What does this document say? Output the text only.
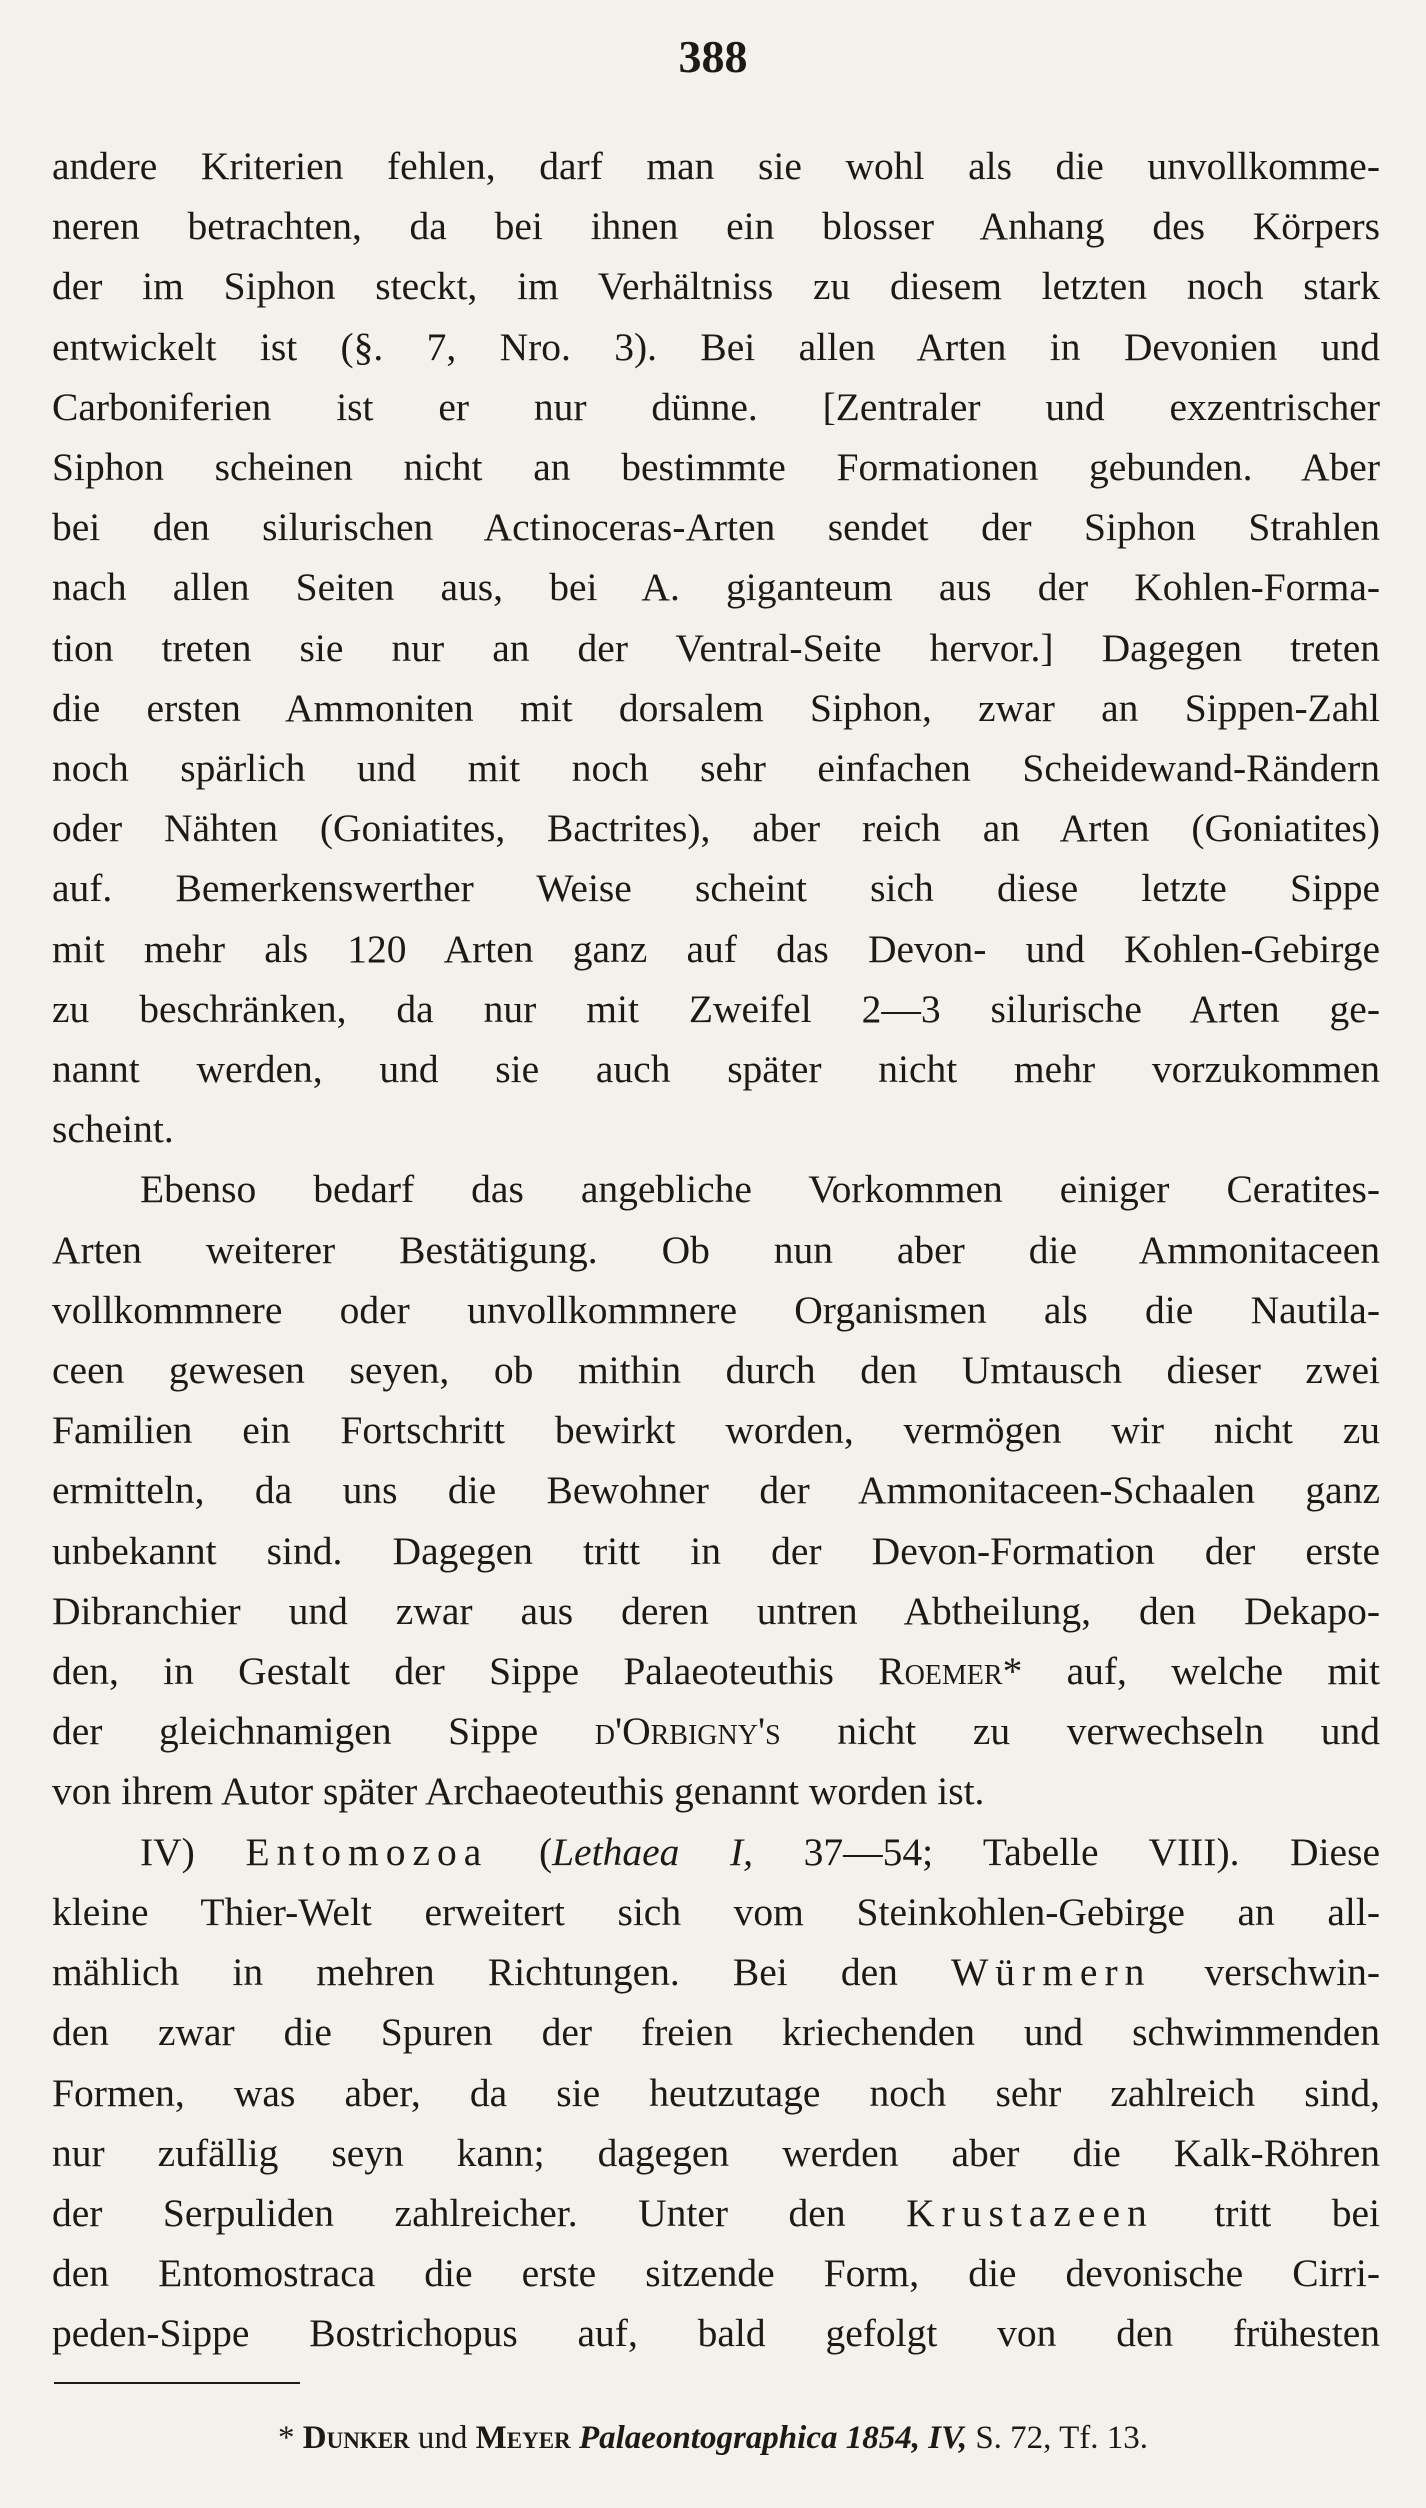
388
andere Kriterien fehlen, darf man sie wohl als die unvollkomme-
neren betrachten, da bei ihnen ein blosser Anhang des Körpers
der im Siphon steckt, im Verhältniss zu diesem letzten noch stark
entwickelt ist (§. 7, Nro. 3). Bei allen Arten in Devonien und
Carboniferien ist er nur dünne. [Zentraler und exzentrischer
Siphon scheinen nicht an bestimmte Formationen gebunden. Aber
bei den silurischen Actinoceras-Arten sendet der Siphon Strahlen
nach allen Seiten aus, bei A. giganteum aus der Kohlen-Forma-
tion treten sie nur an der Ventral-Seite hervor.] Dagegen treten
die ersten Ammoniten mit dorsalem Siphon, zwar an Sippen-Zahl
noch spärlich und mit noch sehr einfachen Scheidewand-Rändern
oder Nähten (Goniatites, Bactrites), aber reich an Arten (Goniatites)
auf. Bemerkenswerther Weise scheint sich diese letzte Sippe
mit mehr als 120 Arten ganz auf das Devon- und Kohlen-Gebirge
zu beschränken, da nur mit Zweifel 2—3 silurische Arten ge-
nannt werden, und sie auch später nicht mehr vorzukommen
scheint.
Ebenso bedarf das angebliche Vorkommen einiger Ceratites-
Arten weiterer Bestätigung. Ob nun aber die Ammonitaceen
vollkommnere oder unvollkommnere Organismen als die Nautila-
ceen gewesen seyen, ob mithin durch den Umtausch dieser zwei
Familien ein Fortschritt bewirkt worden, vermögen wir nicht zu
ermitteln, da uns die Bewohner der Ammonitaceen-Schaalen ganz
unbekannt sind. Dagegen tritt in der Devon-Formation der erste
Dibranchier und zwar aus deren untren Abtheilung, den Dekapo-
den, in Gestalt der Sippe Palaeoteuthis Roemer* auf, welche mit
der gleichnamigen Sippe d'Orbigny's nicht zu verwechseln und
von ihrem Autor später Archaeoteuthis genannt worden ist.
IV) Entomozoa (Lethaea I, 37—54; Tabelle VIII). Diese
kleine Thier-Welt erweitert sich vom Steinkohlen-Gebirge an all-
mählich in mehren Richtungen. Bei den Würmern verschwin-
den zwar die Spuren der freien kriechenden und schwimmenden
Formen, was aber, da sie heutzutage noch sehr zahlreich sind,
nur zufällig seyn kann; dagegen werden aber die Kalk-Röhren
der Serpuliden zahlreicher. Unter den Krustazeen tritt bei
den Entomostraca die erste sitzende Form, die devonische Cirri-
peden-Sippe Bostrichopus auf, bald gefolgt von den frühesten
* Dunker und Meyer Palaeontographica 1854, IV, S. 72, Tf. 13.
